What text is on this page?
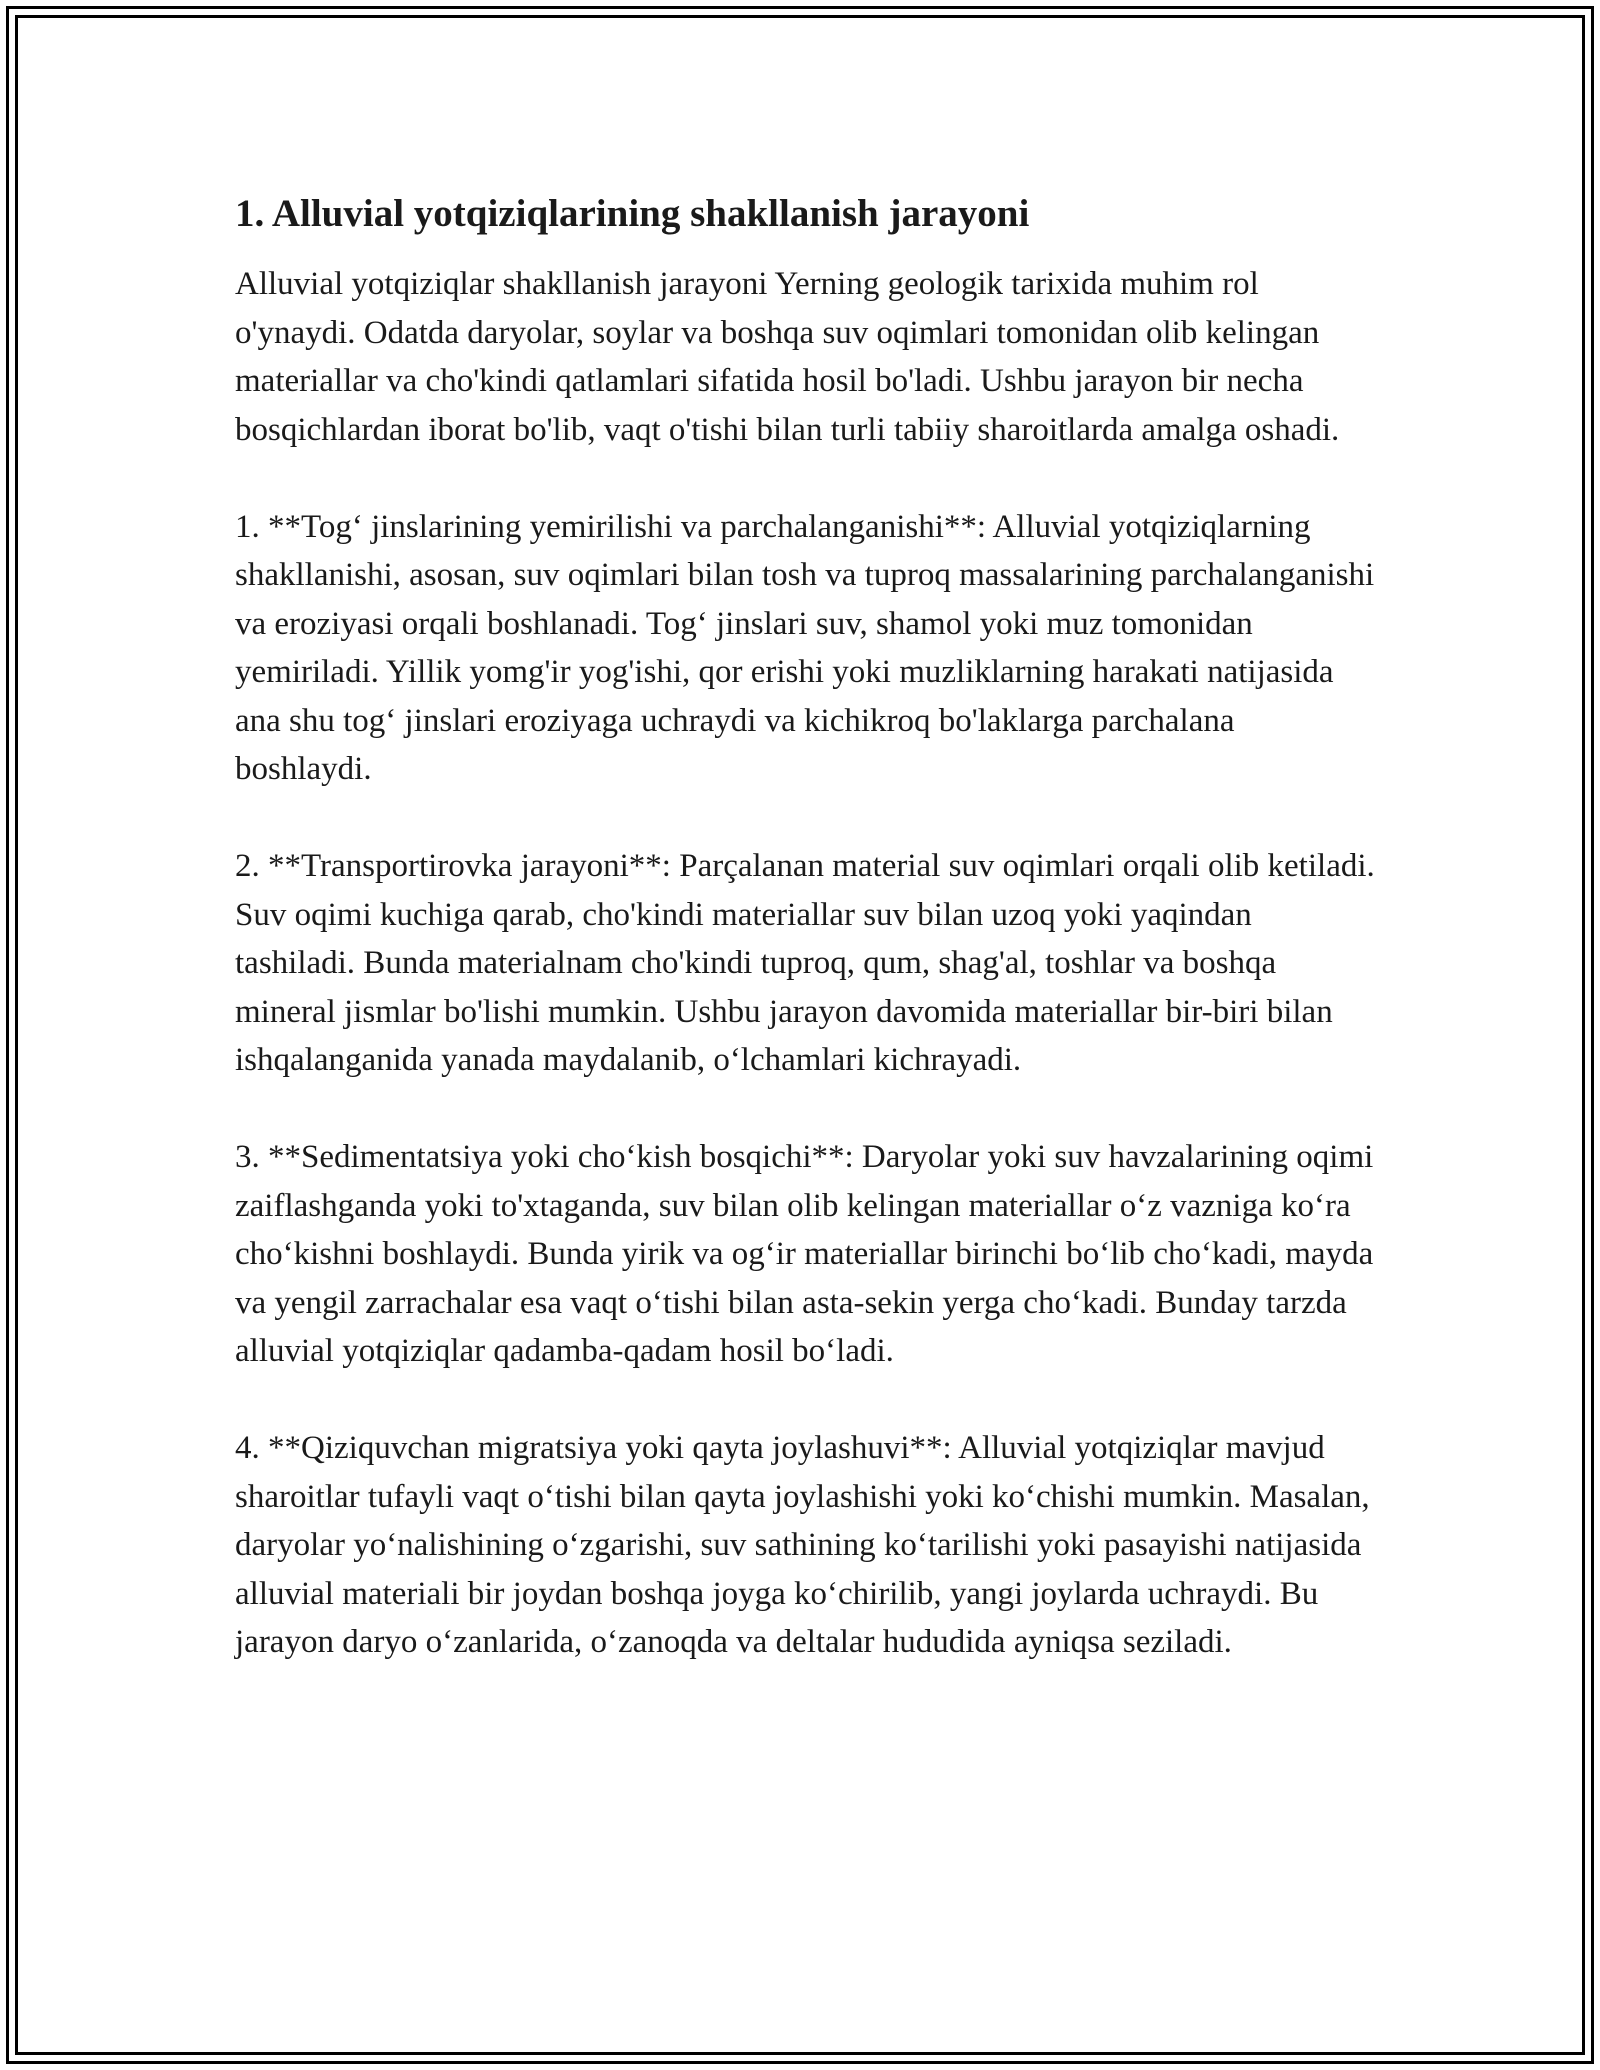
1. Alluvial yotqiziqlarining shakllanish jarayoni

Alluvial yotqiziqlar shakllanish jarayoni Yerning geologik tarixida muhim rol o'ynaydi. Odatda daryolar, soylar va boshqa suv oqimlari tomonidan olib kelingan materiallar va cho'kindi qatlamlari sifatida hosil bo'ladi. Ushbu jarayon bir necha bosqichlardan iborat bo'lib, vaqt o'tishi bilan turli tabiiy sharoitlarda amalga oshadi.

1. **Tog‘ jinslarining yemirilishi va parchalanganishi**: Alluvial yotqiziqlarning shakllanishi, asosan, suv oqimlari bilan tosh va tuproq massalarining parchalanganishi va eroziyasi orqali boshlanadi. Tog‘ jinslari suv, shamol yoki muz tomonidan yemiriladi. Yillik yomg'ir yog'ishi, qor erishi yoki muzliklarning harakati natijasida ana shu tog‘ jinslari eroziyaga uchraydi va kichikroq bo'laklarga parchalana boshlaydi.

2. **Transportirovka jarayoni**: Parçalanan material suv oqimlari orqali olib ketiladi. Suv oqimi kuchiga qarab, cho'kindi materiallar suv bilan uzoq yoki yaqindan tashiladi. Bunda materialnam cho'kindi tuproq, qum, shag'al, toshlar va boshqa mineral jismlar bo'lishi mumkin. Ushbu jarayon davomida materiallar bir-biri bilan ishqalanganida yanada maydalanib, o‘lchamlari kichrayadi.

3. **Sedimentatsiya yoki cho‘kish bosqichi**: Daryolar yoki suv havzalarining oqimi zaiflashganda yoki to'xtaganda, suv bilan olib kelingan materiallar o‘z vazniga ko‘ra cho‘kishni boshlaydi. Bunda yirik va og‘ir materiallar birinchi bo‘lib cho‘kadi, mayda va yengil zarrachalar esa vaqt o‘tishi bilan asta-sekin yerga cho‘kadi. Bunday tarzda alluvial yotqiziqlar qadamba-qadam hosil bo‘ladi.

4. **Qiziquvchan migratsiya yoki qayta joylashuvi**: Alluvial yotqiziqlar mavjud sharoitlar tufayli vaqt o‘tishi bilan qayta joylashishi yoki ko‘chishi mumkin. Masalan, daryolar yo‘nalishining o‘zgarishi, suv sathining ko‘tarilishi yoki pasayishi natijasida alluvial materiali bir joydan boshqa joyga ko‘chirilib, yangi joylarda uchraydi. Bu jarayon daryo o‘zanlarida, o‘zanoqda va deltalar hududida ayniqsa seziladi.
